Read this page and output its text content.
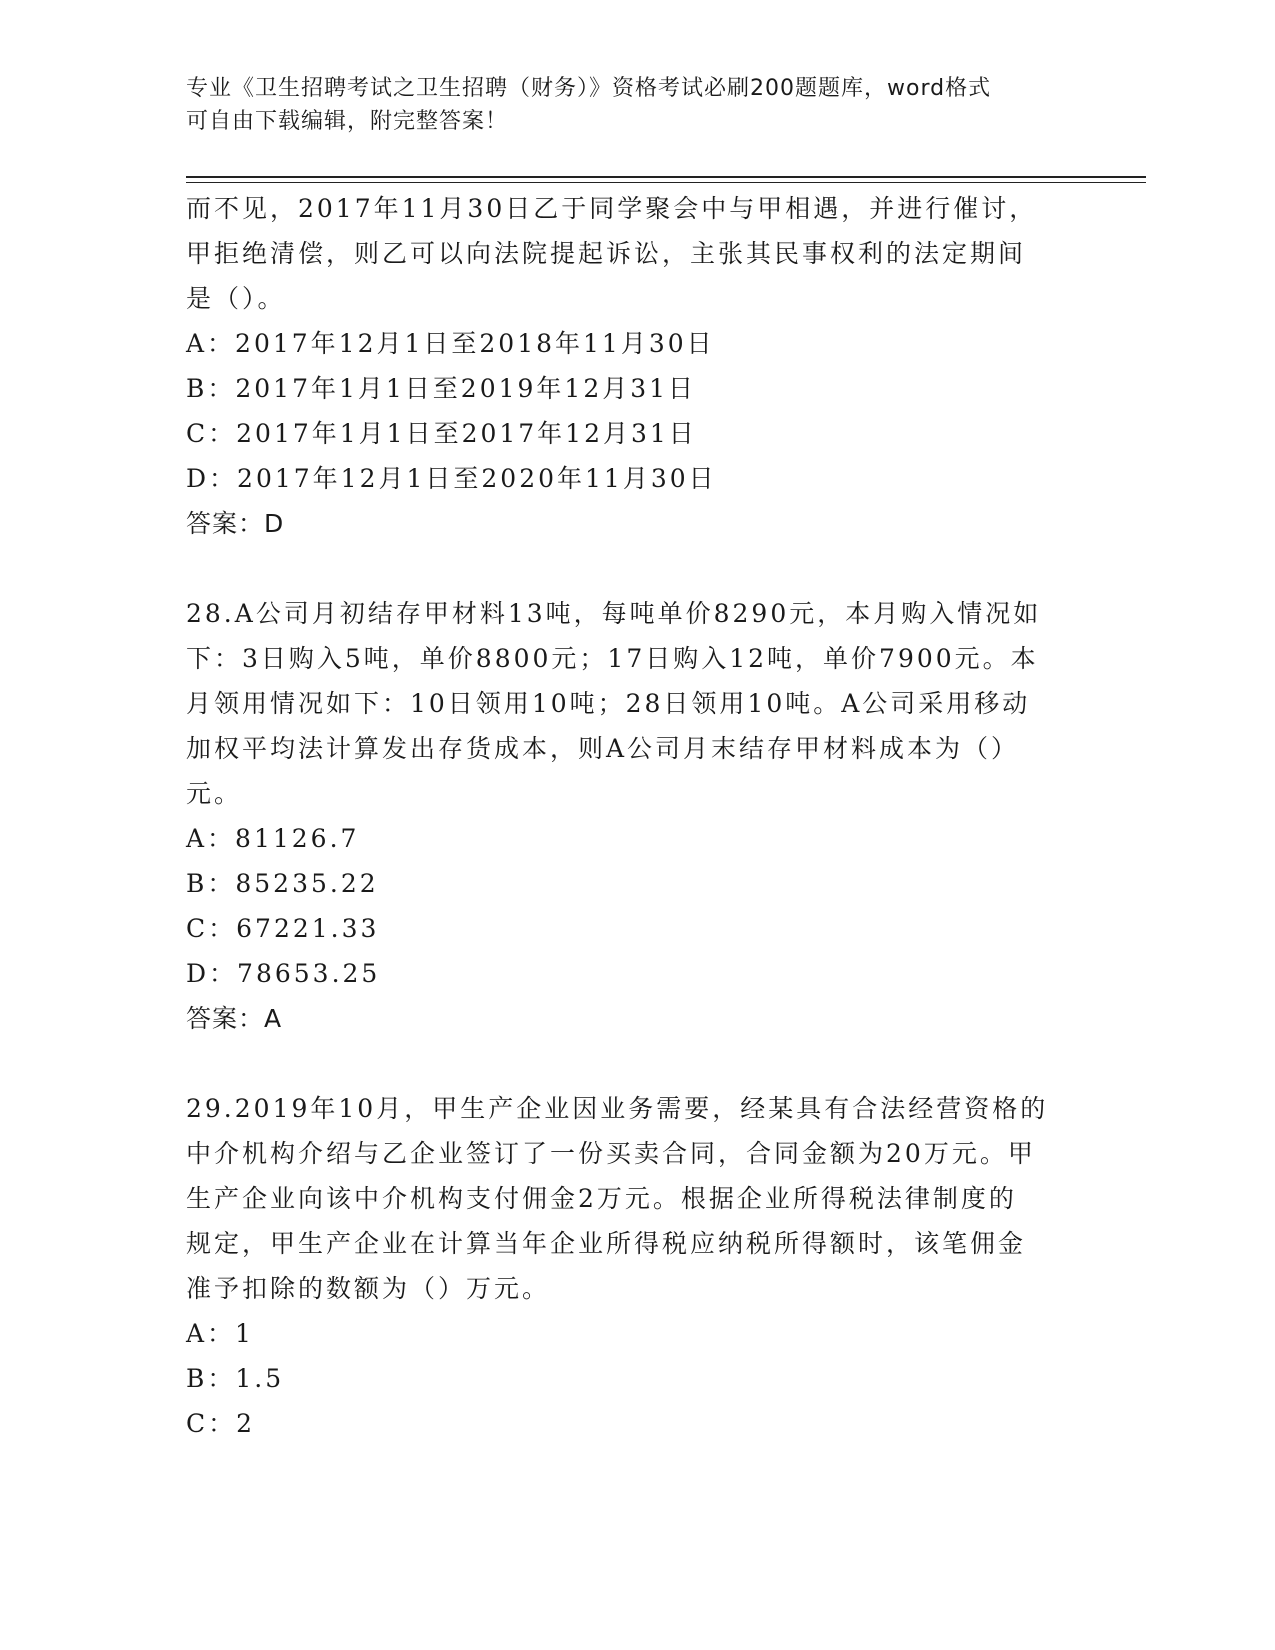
专业《卫生招聘考试之卫生招聘（财务）》资格考试必刷200题题库，word格式
可自由下载编辑，附完整答案！
而不见，2017年11月30日乙于同学聚会中与甲相遇，并进行催讨，
甲拒绝清偿，则乙可以向法院提起诉讼，主张其民事权利的法定期间
是（）。
A：2017年12月1日至2018年11月30日
B：2017年1月1日至2019年12月31日
C：2017年1月1日至2017年12月31日
D：2017年12月1日至2020年11月30日
答案：D
28.A公司月初结存甲材料13吨，每吨单价8290元，本月购入情况如
下：3日购入5吨，单价8800元；17日购入12吨，单价7900元。本
月领用情况如下：10日领用10吨；28日领用10吨。A公司采用移动
加权平均法计算发出存货成本，则A公司月末结存甲材料成本为（）
元。
A：81126.7
B：85235.22
C：67221.33
D：78653.25
答案：A
29.2019年10月，甲生产企业因业务需要，经某具有合法经营资格的
中介机构介绍与乙企业签订了一份买卖合同，合同金额为20万元。甲
生产企业向该中介机构支付佣金2万元。根据企业所得税法律制度的
规定，甲生产企业在计算当年企业所得税应纳税所得额时，该笔佣金
准予扣除的数额为（）万元。
A：1
B：1.5
C：2
